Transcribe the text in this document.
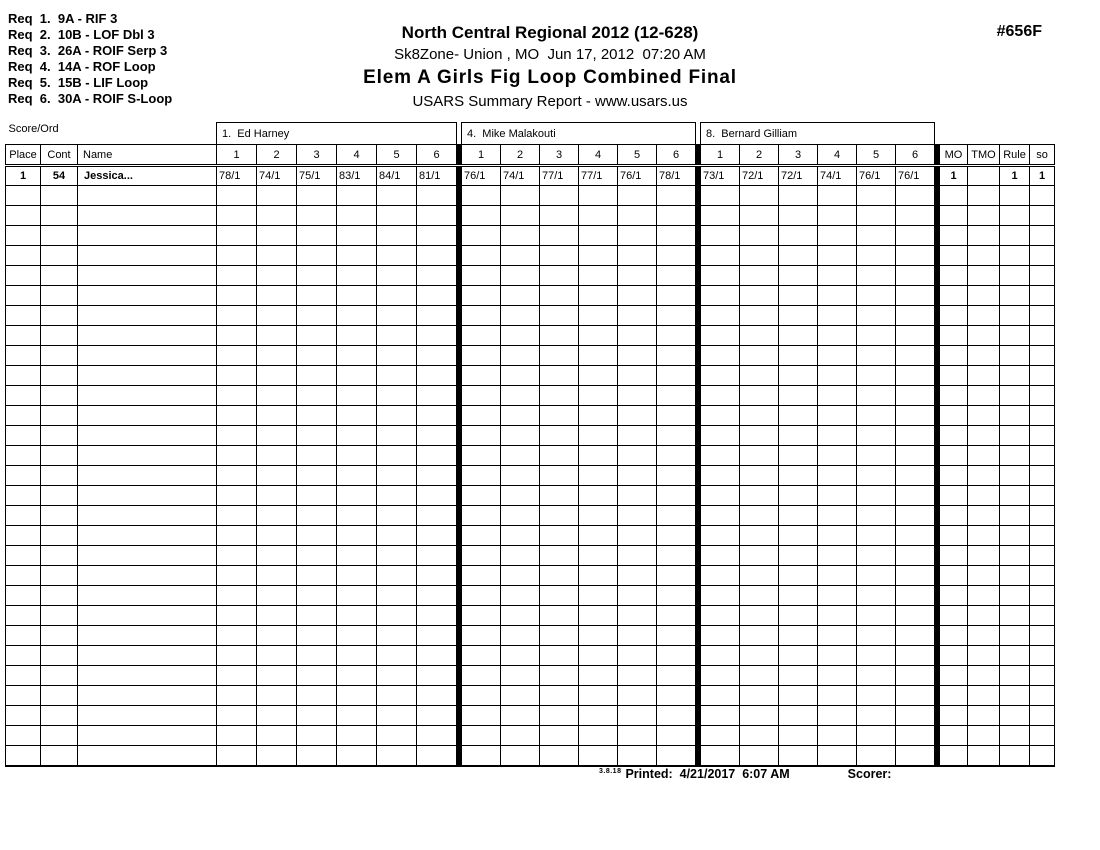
Req  1.  9A - RIF 3
Req  2.  10B - LOF Dbl 3
Req  3.  26A - ROIF Serp 3
Req  4.  14A - ROF Loop
Req  5.  15B - LIF Loop
Req  6.  30A - ROIF S-Loop
North Central Regional 2012 (12-628)
Sk8Zone- Union , MO  Jun 17, 2012  07:20 AM
Elem A Girls Fig Loop Combined Final
USARS Summary Report - www.usars.us
#656F
Score/Ord			1.  Ed Harney							4.  Mike Malakouti							8.  Bernard Gilliam										
Place	Cont	Name	1	2	3	4	5	6		1	2	3	4	5	6		1	2	3	4	5	6		MO	TMO	Rule	so
1	54	Jessica...	78/1	74/1	75/1	83/1	84/1	81/1		76/1	74/1	77/1	77/1	76/1	78/1		73/1	72/1	72/1	74/1	76/1	76/1		1		1	1

3.8.18 Printed:  4/21/2017  6:07 AM	Scorer:
